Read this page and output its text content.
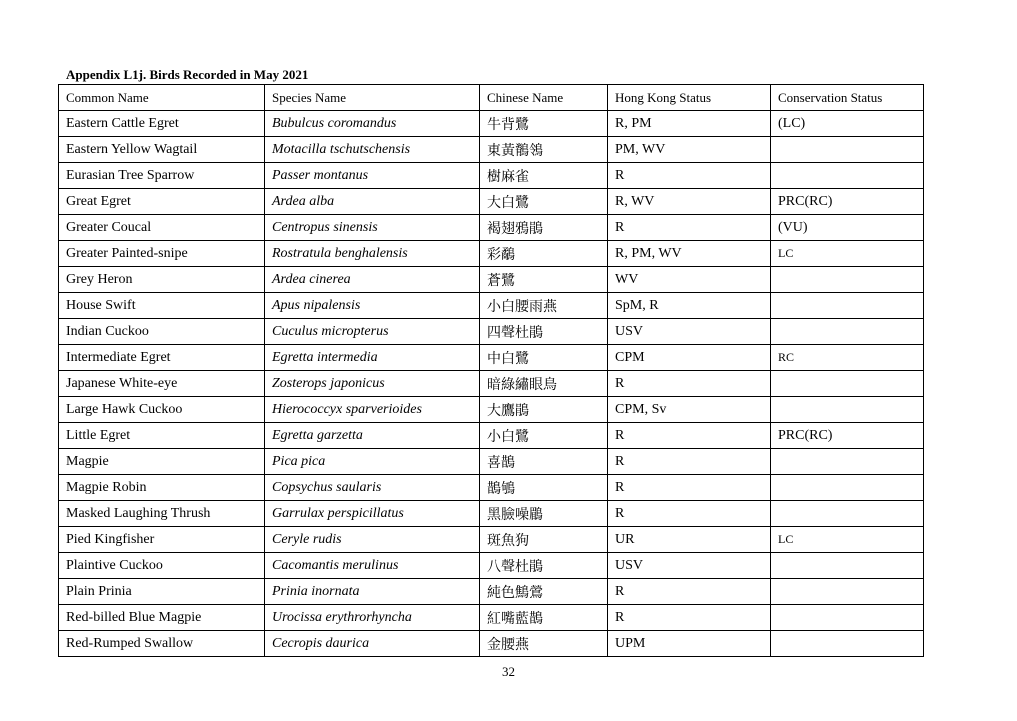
Appendix L1j. Birds Recorded in May 2021
Common Name	Species Name	Chinese Name	Hong Kong Status	Conservation Status
Eastern Cattle Egret	Bubulcus coromandus	牛背鷺	R, PM	(LC)
Eastern Yellow Wagtail	Motacilla tschutschensis	東黃鶺鴒	PM, WV	
Eurasian Tree Sparrow	Passer montanus	樹麻雀	R	
Great Egret	Ardea alba	大白鷺	R, WV	PRC(RC)
Greater Coucal	Centropus sinensis	褐翅鴉鵑	R	(VU)
Greater Painted-snipe	Rostratula benghalensis	彩鷸	R, PM, WV	LC
Grey Heron	Ardea cinerea	蒼鷺	WV	
House Swift	Apus nipalensis	小白腰雨燕	SpM, R	
Indian Cuckoo	Cuculus micropterus	四聲杜鵑	USV	
Intermediate Egret	Egretta intermedia	中白鷺	CPM	RC
Japanese White-eye	Zosterops japonicus	暗綠繡眼鳥	R	
Large Hawk Cuckoo	Hierococcyx sparverioides	大鷹鵑	CPM, Sv	
Little Egret	Egretta garzetta	小白鷺	R	PRC(RC)
Magpie	Pica pica	喜鵲	R	
Magpie Robin	Copsychus saularis	鵲鴝	R	
Masked Laughing Thrush	Garrulax perspicillatus	黑臉噪鶥	R	
Pied Kingfisher	Ceryle rudis	斑魚狗	UR	LC
Plaintive Cuckoo	Cacomantis merulinus	八聲杜鵑	USV	
Plain Prinia	Prinia inornata	純色鷦鶯	R	
Red-billed Blue Magpie	Urocissa erythrorhyncha	紅嘴藍鵲	R	
Red-Rumped Swallow	Cecropis daurica	金腰燕	UPM	
32
